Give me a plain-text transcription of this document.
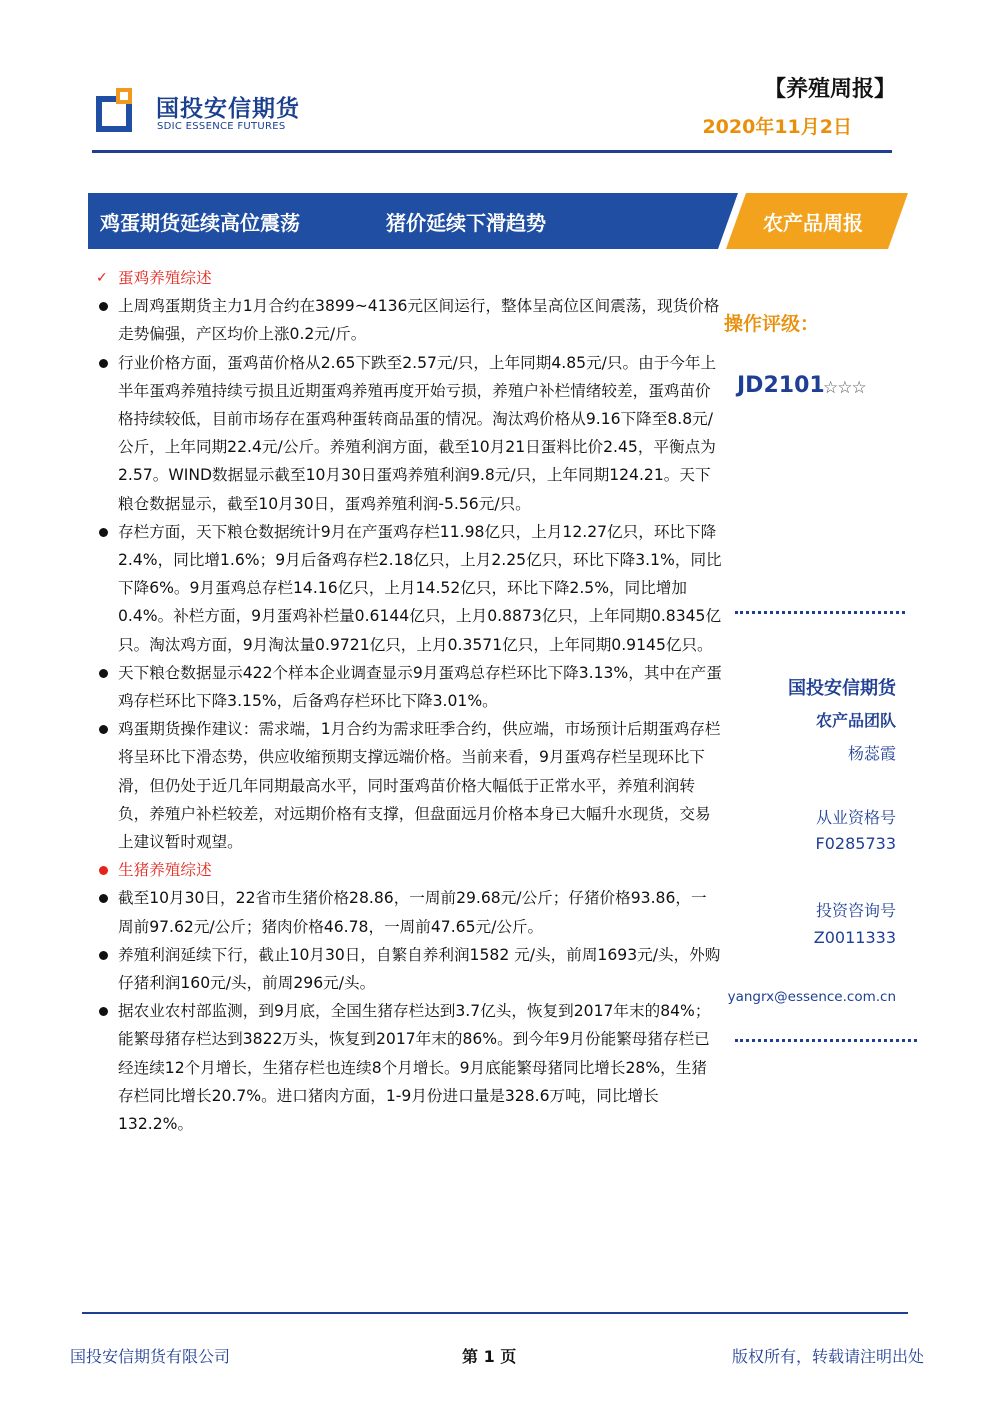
国投安信期货
SDIC ESSENCE FUTURES
【养殖周报】
2020年11月2日
鸡蛋期货延续高位震荡	猪价延续下滑趋势	农产品周报
✓ 蛋鸡养殖综述
上周鸡蛋期货主力1月合约在3899~4136元区间运行，整体呈高位区间震荡，现货价格走势偏强，产区均价上涨0.2元/斤。
行业价格方面，蛋鸡苗价格从2.65下跌至2.57元/只，上年同期4.85元/只。由于今年上半年蛋鸡养殖持续亏损且近期蛋鸡养殖再度开始亏损，养殖户补栏情绪较差，蛋鸡苗价格持续较低，目前市场存在蛋鸡种蛋转商品蛋的情况。淘汰鸡价格从9.16下降至8.8元/公斤，上年同期22.4元/公斤。养殖利润方面，截至10月21日蛋料比价2.45，平衡点为2.57。WIND数据显示截至10月30日蛋鸡养殖利润9.8元/只，上年同期124.21。天下粮仓数据显示，截至10月30日，蛋鸡养殖利润-5.56元/只。
存栏方面，天下粮仓数据统计9月在产蛋鸡存栏11.98亿只，上月12.27亿只，环比下降2.4%，同比增1.6%；9月后备鸡存栏2.18亿只，上月2.25亿只，环比下降3.1%，同比下降6%。9月蛋鸡总存栏14.16亿只，上月14.52亿只，环比下降2.5%，同比增加0.4%。补栏方面，9月蛋鸡补栏量0.6144亿只，上月0.8873亿只，上年同期0.8345亿只。淘汰鸡方面，9月淘汰量0.9721亿只，上月0.3571亿只，上年同期0.9145亿只。
天下粮仓数据显示422个样本企业调查显示9月蛋鸡总存栏环比下降3.13%，其中在产蛋鸡存栏环比下降3.15%，后备鸡存栏环比下降3.01%。
鸡蛋期货操作建议：需求端，1月合约为需求旺季合约，供应端，市场预计后期蛋鸡存栏将呈环比下滑态势，供应收缩预期支撑远端价格。当前来看，9月蛋鸡存栏呈现环比下滑，但仍处于近几年同期最高水平，同时蛋鸡苗价格大幅低于正常水平，养殖利润转负，养殖户补栏较差，对远期价格有支撑，但盘面远月价格本身已大幅升水现货，交易上建议暂时观望。
生猪养殖综述
截至10月30日，22省市生猪价格28.86，一周前29.68元/公斤；仔猪价格93.86，一周前97.62元/公斤；猪肉价格46.78，一周前47.65元/公斤。
养殖利润延续下行，截止10月30日，自繁自养利润1582 元/头，前周1693元/头，外购仔猪利润160元/头，前周296元/头。
据农业农村部监测，到9月底，全国生猪存栏达到3.7亿头，恢复到2017年末的84%；能繁母猪存栏达到3822万头，恢复到2017年末的86%。到今年9月份能繁母猪存栏已经连续12个月增长，生猪存栏也连续8个月增长。9月底能繁母猪同比增长28%，生猪存栏同比增长20.7%。进口猪肉方面，1-9月份进口量是328.6万吨，同比增长132.2%。
操作评级：
JD2101
☆☆☆
国投安信期货
农产品团队
杨蕊霞
从业资格号
F0285733
投资咨询号
Z0011333
yangrx@essence.com.cn
国投安信期货有限公司	第 1 页	版权所有，转载请注明出处
